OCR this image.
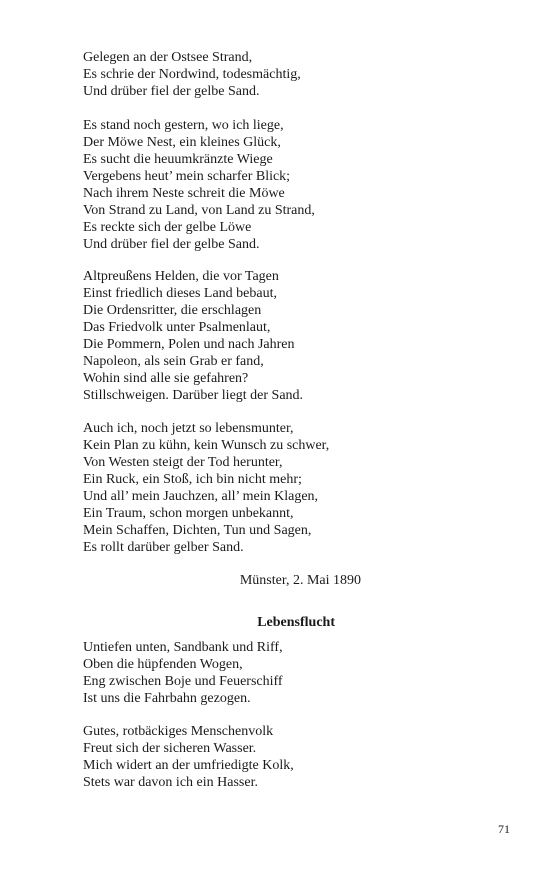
Gelegen an der Ostsee Strand,
Es schrie der Nordwind, todesmächtig,
Und drüber fiel der gelbe Sand.
Es stand noch gestern, wo ich liege,
Der Möwe Nest, ein kleines Glück,
Es sucht die heuumkränzte Wiege
Vergebens heut’ mein scharfer Blick;
Nach ihrem Neste schreit die Möwe
Von Strand zu Land, von Land zu Strand,
Es reckte sich der gelbe Löwe
Und drüber fiel der gelbe Sand.
Altpreußens Helden, die vor Tagen
Einst friedlich dieses Land bebaut,
Die Ordensritter, die erschlagen
Das Friedvolk unter Psalmenlaut,
Die Pommern, Polen und nach Jahren
Napoleon, als sein Grab er fand,
Wohin sind alle sie gefahren?
Stillschweigen. Darüber liegt der Sand.
Auch ich, noch jetzt so lebensmunter,
Kein Plan zu kühn, kein Wunsch zu schwer,
Von Westen steigt der Tod herunter,
Ein Ruck, ein Stoß, ich bin nicht mehr;
Und all’ mein Jauchzen, all’ mein Klagen,
Ein Traum, schon morgen unbekannt,
Mein Schaffen, Dichten, Tun und Sagen,
Es rollt darüber gelber Sand.
Münster, 2. Mai 1890
Lebensflucht
Untiefen unten, Sandbank und Riff,
Oben die hüpfenden Wogen,
Eng zwischen Boje und Feuerschiff
Ist uns die Fahrbahn gezogen.
Gutes, rotbäckiges Menschenvolk
Freut sich der sicheren Wasser.
Mich widert an der umfriedigte Kolk,
Stets war davon ich ein Hasser.
71
